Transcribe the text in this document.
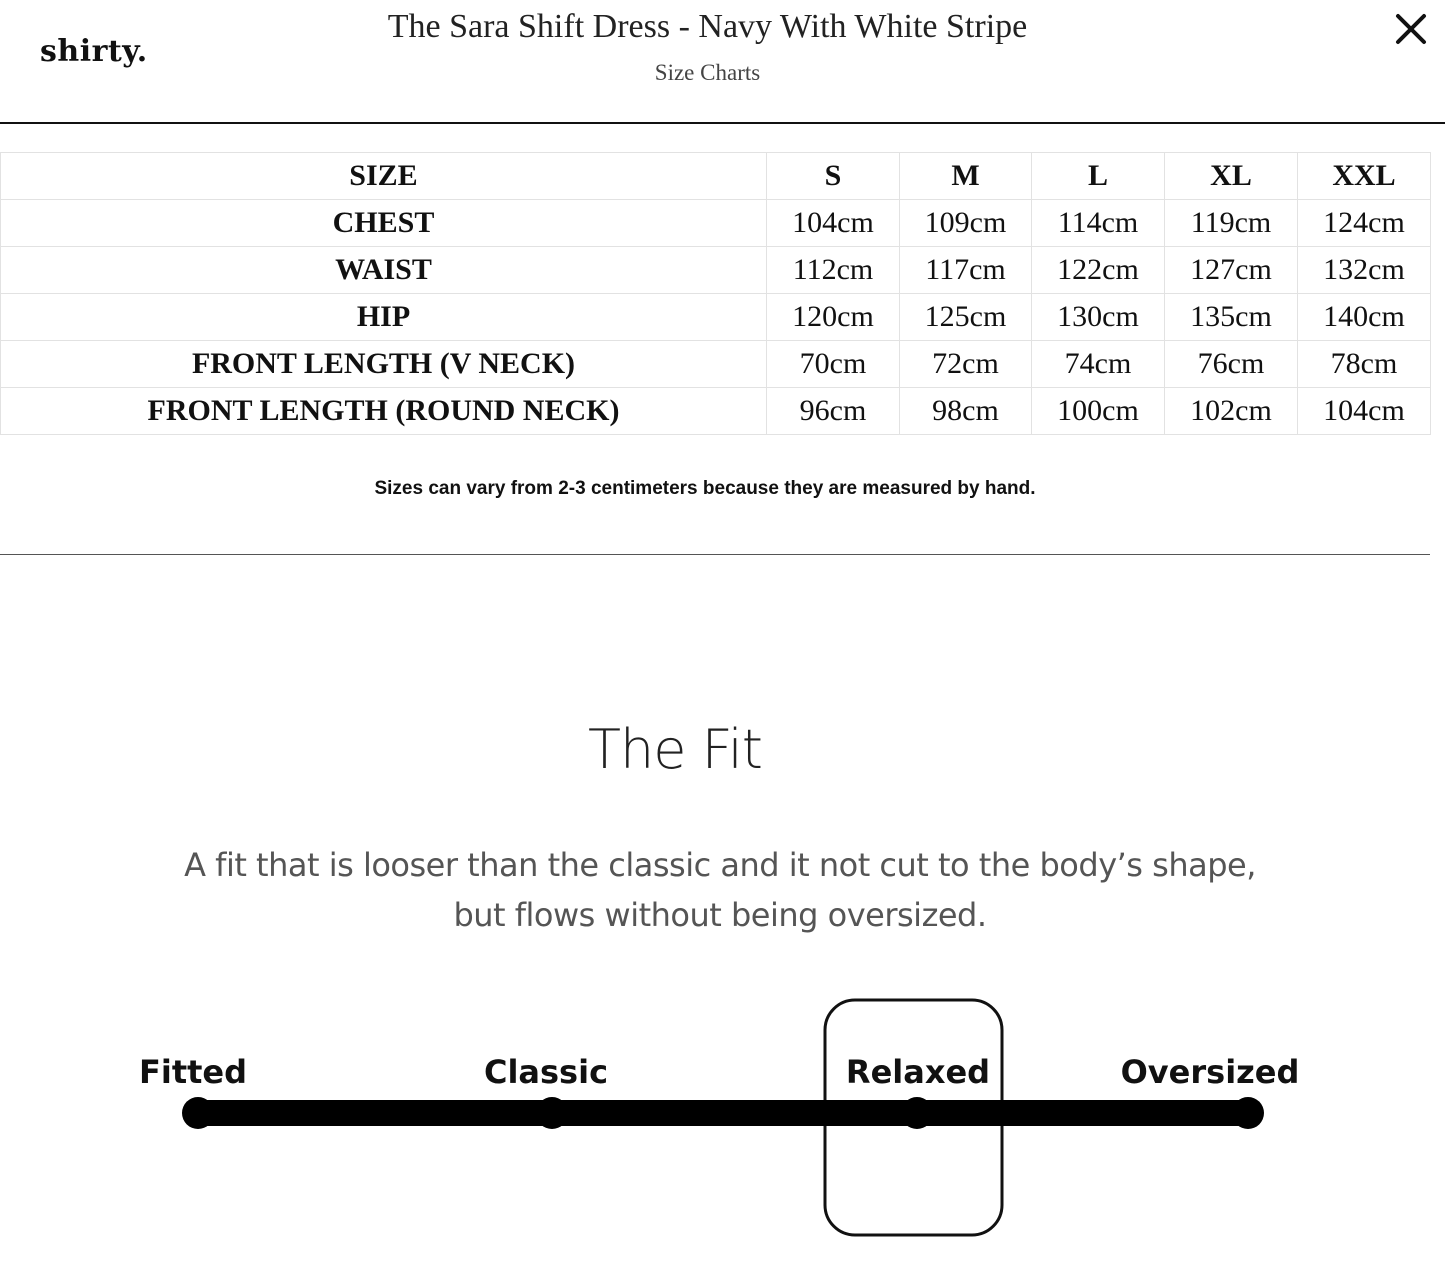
shirty.
The Sara Shift Dress - Navy With White Stripe
Size Charts
SIZE	S	M	L	XL	XXL
CHEST	104cm	109cm	114cm	119cm	124cm
WAIST	112cm	117cm	122cm	127cm	132cm
HIP	120cm	125cm	130cm	135cm	140cm
FRONT LENGTH (V NECK)	70cm	72cm	74cm	76cm	78cm
FRONT LENGTH (ROUND NECK)	96cm	98cm	100cm	102cm	104cm
Sizes can vary from 2-3 centimeters because they are measured by hand.
The Fit
A fit that is looser than the classic and it not cut to the body’s shape, but flows without being oversized.
Fitted	Classic	Relaxed	Oversized
